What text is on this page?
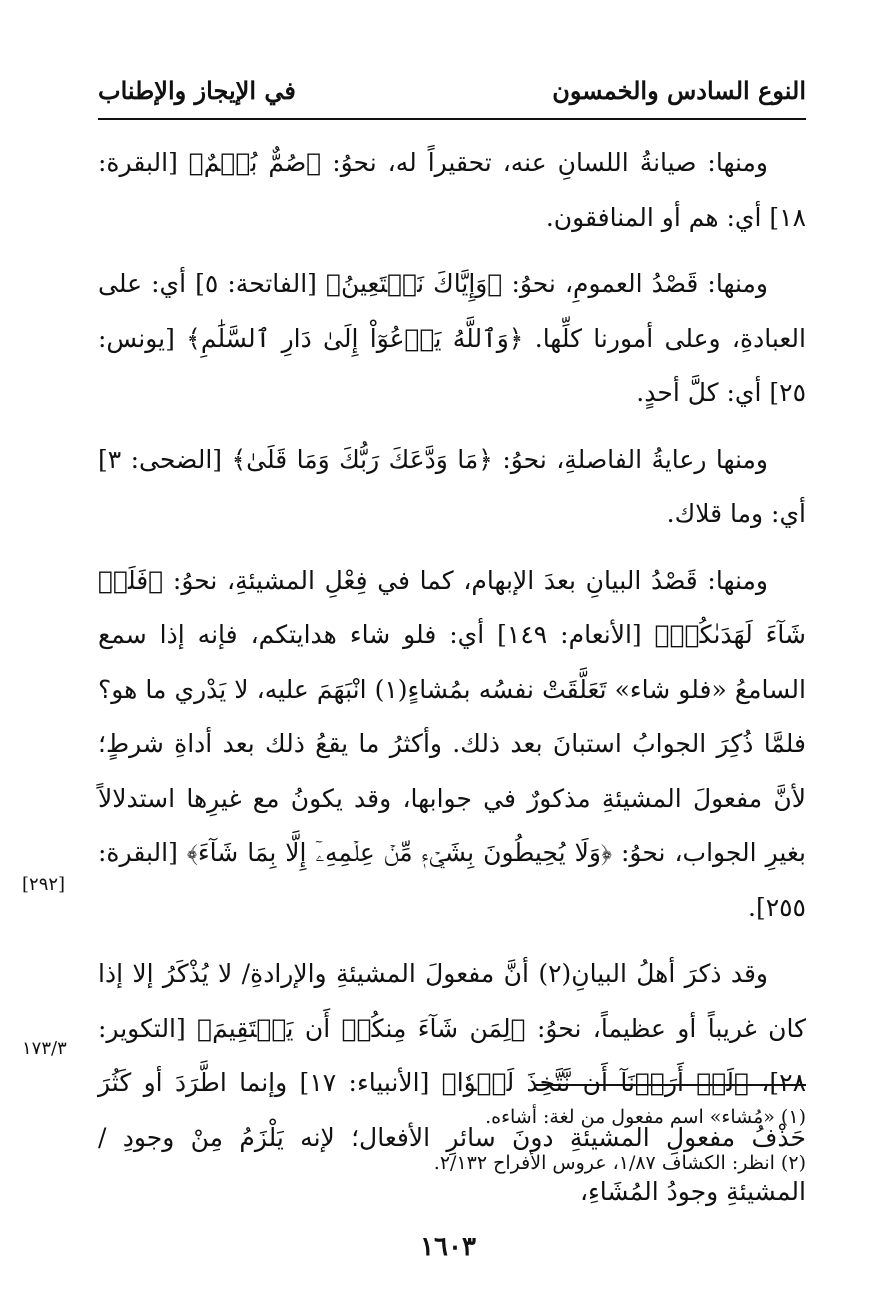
النوع السادس والخمسون
في الإيجاز والإطناب

ومنها: صيانةُ اللسانِ عنه، تحقيراً له، نحوُ: ﴿صُمٌّ بُكۡمٌ﴾ [البقرة: ١٨] أي: هم أو المنافقون.

ومنها: قَصْدُ العمومِ، نحوُ: ﴿وَإِيَّاكَ نَسۡتَعِينُ﴾ [الفاتحة: ٥] أي: على العبادةِ، وعلى أمورنا كلِّها. ﴿وَٱللَّهُ يَدۡعُوٓاْ إِلَىٰ دَارِ ٱلسَّلَٰمِ﴾ [يونس: ٢٥] أي: كلَّ أحدٍ.

ومنها رعايةُ الفاصلةِ، نحوُ: ﴿مَا وَدَّعَكَ رَبُّكَ وَمَا قَلَىٰ﴾ [الضحى: ٣] أي: وما قلاك.

ومنها: قَصْدُ البيانِ بعدَ الإبهام، كما في فِعْلِ المشيئةِ، نحوُ: ﴿فَلَوۡ شَآءَ لَهَدَىٰكُمۡ﴾ [الأنعام: ١٤٩] أي: فلو شاء هدايتكم، فإنه إذا سمع السامعُ «فلو شاء» تَعَلَّقَتْ نفسُه بمُشاءٍ(١) انْبَهَمَ عليه، لا يَدْري ما هو؟ فلمَّا ذُكِرَ الجوابُ استبانَ بعد ذلك. وأكثرُ ما يقعُ ذلك بعد أداةِ شرطٍ؛ لأنَّ مفعولَ المشيئةِ مذكورٌ في جوابها، وقد يكونُ مع غيرِها استدلالاً بغيرِ الجواب، نحوُ: ﴿وَلَا يُحِيطُونَ بِشَيۡءٖ مِّنۡ عِلۡمِهِۦٓ إِلَّا بِمَا شَآءَ﴾ [البقرة: ٢٥٥].

وقد ذكرَ أهلُ البيانِ(٢) أنَّ مفعولَ المشيئةِ والإرادةِ/ لا يُذْكَرُ إلا إذا كان غريباً أو عظيماً، نحوُ: ﴿لِمَن شَآءَ مِنكُمۡ أَن يَسۡتَقِيمَ﴾ [التكوير: ٢٨]، ﴿لَوۡ أَرَدۡنَآ أَن نَّتَّخِذَ لَهۡوٗا﴾ [الأنبياء: ١٧] وإنما اطَّرَدَ أو كَثُرَ حَذْفُ مفعولِ المشيئةِ دونَ سائرِ الأفعال؛ لإنه يَلْزَمُ مِنْ وجودِ / المشيئةِ وجودُ المُشَاءِ،

[٢٩٢]
١٧٣/٣
(١) «مُشاء» اسم مفعول من لغة: أشاءه.
(٢) انظر: الكشاف ١/٨٧، عروس الأفراح ٢/١٣٢.
١٦٠٣
